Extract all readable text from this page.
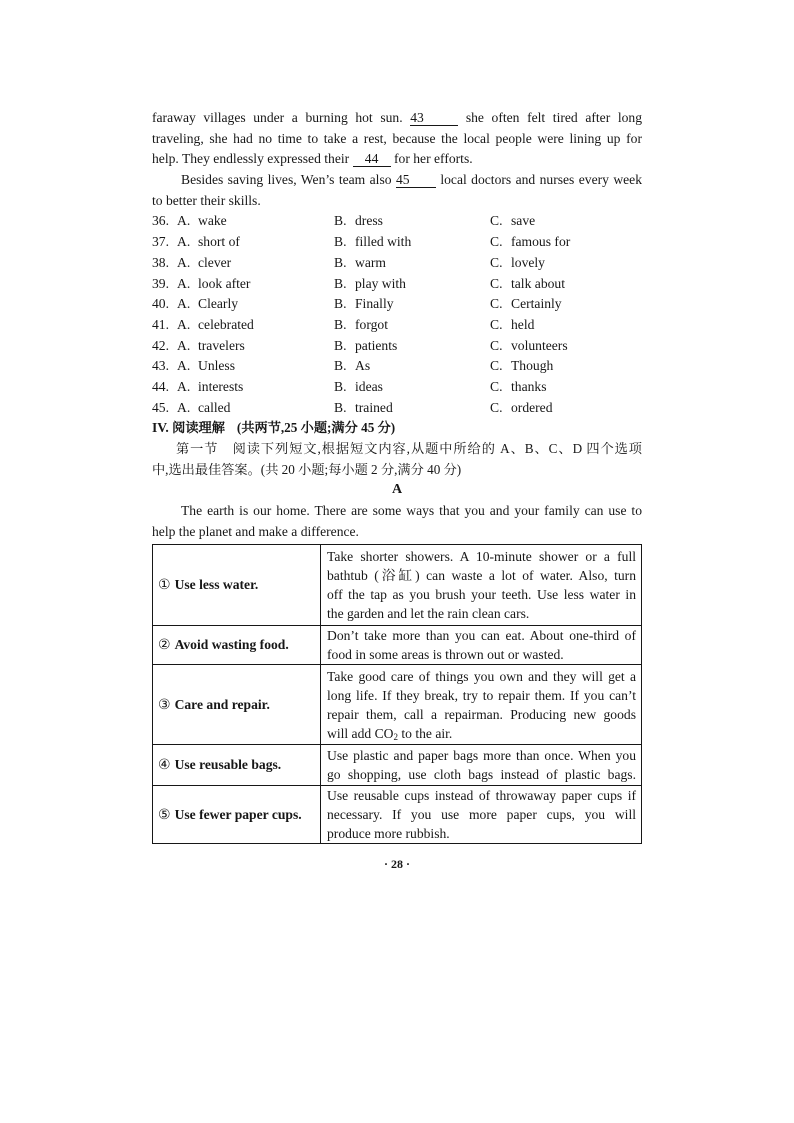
faraway villages under a burning hot sun. 43	she often felt tired after long
traveling, she had no time to take a rest, because the local people were lining up for
help. They endlessly expressed their 44 for her efforts.
Besides saving lives, Wen’s team also 45 local doctors and nurses every week
to better their skills.
36. A. wake	B. dress	C. save
37. A. short of	B. filled with	C. famous for
38. A. clever	B. warm	C. lovely
39. A. look after	B. play with	C. talk about
40. A. Clearly	B. Finally	C. Certainly
41. A. celebrated	B. forgot	C. held
42. A. travelers	B. patients	C. volunteers
43. A. Unless	B. As	C. Though
44. A. interests	B. ideas	C. thanks
45. A. called	B. trained	C. ordered
IV. 阅读理解 (共两节,25 小题;满分 45 分)
第一节　阅读下列短文,根据短文内容,从题中所给的 A、B、C、D 四个选项
中,选出最佳答案。(共 20 小题;每小题 2 分,满分 40 分)
A
The earth is our home. There are some ways that you and your family can use to
help the planet and make a difference.
① Use less water.	Take shorter showers. A 10-minute shower or a full
bathtub (浴缸) can waste a lot of water. Also, turn
off the tap as you brush your teeth. Use less water in
the garden and let the rain clean cars.

② Avoid wasting food.	Don’t take more than you can eat. About one-third of
food in some areas is thrown out or wasted.

③ Care and repair.	Take good care of things you own and they will get a
long life. If they break, try to repair them. If you can’t
repair them, call a repairman. Producing new goods
will add $CO_2$ to the air.

④ Use reusable bags.	Use plastic and paper bags more than once. When you
go shopping, use cloth bags instead of plastic bags.

⑤ Use fewer paper cups.	Use reusable cups instead of throwaway paper cups if
necessary. If you use more paper cups, you will
produce more rubbish.
· 28 ·
